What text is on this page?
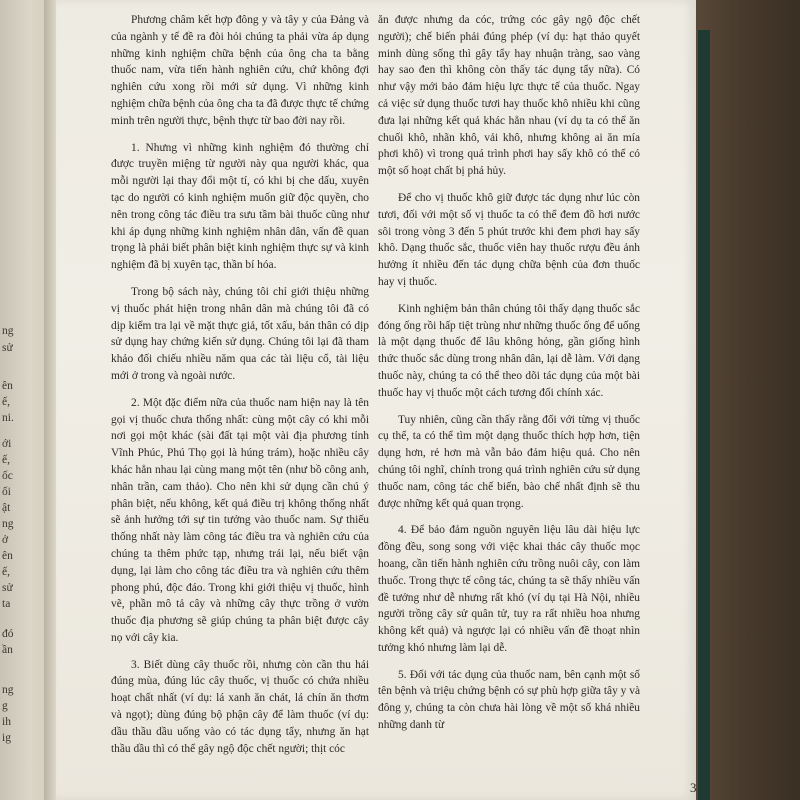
ng
sử
ên
ế,
ni.
ới
ế,
ốc
ối
ật
ng
ở
ên
ế,
sử
ta
đó
ần
ng
g
ih
ig

Phương châm kết hợp đông y và tây y của Đảng và của ngành y tế đề ra đòi hỏi chúng ta phải vừa áp dụng những kinh nghiệm chữa bệnh của ông cha ta bằng thuốc nam, vừa tiến hành nghiên cứu, chứ không đợi nghiên cứu xong rồi mới sử dụng. Vì những kinh nghiệm chữa bệnh của ông cha ta đã được thực tế chứng minh trên người thực, bệnh thực từ bao đời nay rồi.

1. Nhưng vì những kinh nghiệm đó thường chỉ được truyền miệng từ người này qua người khác, qua mỗi người lại thay đổi một tí, có khi bị che dấu, xuyên tạc do người có kinh nghiệm muốn giữ độc quyền, cho nên trong công tác điều tra sưu tầm bài thuốc cũng như khi áp dụng những kinh nghiệm nhân dân, vấn đề quan trọng là phải biết phân biệt kinh nghiệm thực sự và kinh nghiệm đã bị xuyên tạc, thần bí hóa.

Trong bộ sách này, chúng tôi chỉ giới thiệu những vị thuốc phát hiện trong nhân dân mà chúng tôi đã có dịp kiểm tra lại về mặt thực giả, tốt xấu, bản thân có dịp sử dụng hay chứng kiến sử dụng. Chúng tôi lại đã tham khảo đối chiếu nhiều năm qua các tài liệu cổ, tài liệu mới ở trong và ngoài nước.

2. Một đặc điểm nữa của thuốc nam hiện nay là tên gọi vị thuốc chưa thống nhất: cùng một cây có khi mỗi nơi gọi một khác (sài đất tại một vài địa phương tỉnh Vĩnh Phúc, Phú Thọ gọi là húng trám), hoặc nhiều cây khác hẳn nhau lại cùng mang một tên (như bồ công anh, nhân trần, cam thảo). Cho nên khi sử dụng cần chú ý phân biệt, nếu không, kết quả điều trị không thống nhất sẽ ảnh hưởng tới sự tin tưởng vào thuốc nam. Sự thiếu thống nhất này làm công tác điều tra và nghiên cứu của chúng ta thêm phức tạp, nhưng trái lại, nếu biết vận dụng, lại làm cho công tác điều tra và nghiên cứu thêm phong phú, độc đáo. Trong khi giới thiệu vị thuốc, hình vẽ, phần mô tả cây và những cây thực trồng ở vườn thuốc địa phương sẽ giúp chúng ta phân biệt được cây nọ với cây kia.

3. Biết dùng cây thuốc rồi, nhưng còn cần thu hái đúng mùa, đúng lúc cây thuốc, vị thuốc có chứa nhiều hoạt chất nhất (ví dụ: lá xanh ăn chát, lá chín ăn thơm và ngọt); dùng đúng bộ phận cây để làm thuốc (ví dụ: dầu thầu dầu uống vào có tác dụng tẩy, nhưng ăn hạt thầu dầu thì có thể gây ngộ độc chết người; thịt cóc

ăn được nhưng da cóc, trứng cóc gây ngộ độc chết người); chế biến phải đúng phép (ví dụ: hạt thảo quyết minh dùng sống thì gây tẩy hay nhuận tràng, sao vàng hay sao đen thì không còn thấy tác dụng tẩy nữa). Có như vậy mới bảo đảm hiệu lực thực tế của thuốc. Ngay cả việc sử dụng thuốc tươi hay thuốc khô nhiều khi cũng đưa lại những kết quả khác hẳn nhau (ví dụ ta có thể ăn chuối khô, nhãn khô, vải khô, nhưng không ai ăn mía phơi khô) vì trong quá trình phơi hay sấy khô có thể có một số hoạt chất bị phá hủy.

Để cho vị thuốc khô giữ được tác dụng như lúc còn tươi, đối với một số vị thuốc ta có thể đem đồ hơi nước sôi trong vòng 3 đến 5 phút trước khi đem phơi hay sấy khô. Dạng thuốc sắc, thuốc viên hay thuốc rượu đều ảnh hưởng ít nhiều đến tác dụng chữa bệnh của đơn thuốc hay vị thuốc.

Kinh nghiệm bản thân chúng tôi thấy dạng thuốc sắc đóng ống rồi hấp tiệt trùng như những thuốc ống để uống là một dạng thuốc để lâu không hỏng, gần giống hình thức thuốc sắc dùng trong nhân dân, lại dễ làm. Với dạng thuốc này, chúng ta có thể theo dõi tác dụng của một bài thuốc hay vị thuốc một cách tương đối chính xác.

Tuy nhiên, cũng cần thấy rằng đối với từng vị thuốc cụ thể, ta có thể tìm một dạng thuốc thích hợp hơn, tiện dụng hơn, rẻ hơn mà vẫn bảo đảm hiệu quả. Cho nên chúng tôi nghĩ, chính trong quá trình nghiên cứu sử dụng thuốc nam, công tác chế biến, bào chế nhất định sẽ thu được những kết quả quan trọng.

4. Để bảo đảm nguồn nguyên liệu lâu dài hiệu lực đồng đều, song song với việc khai thác cây thuốc mọc hoang, cần tiến hành nghiên cứu trồng nuôi cây, con làm thuốc. Trong thực tế công tác, chúng ta sẽ thấy nhiều vấn đề tưởng như dễ nhưng rất khó (ví dụ tại Hà Nội, nhiều người trồng cây sử quân tử, tuy ra rất nhiều hoa nhưng không kết quả) và ngược lại có nhiều vấn đề thoạt nhìn tưởng khó nhưng làm lại dễ.

5. Đối với tác dụng của thuốc nam, bên cạnh một số tên bệnh và triệu chứng bệnh có sự phù hợp giữa tây y và đông y, chúng ta còn chưa hài lòng về một số khá nhiều những danh từ

3
